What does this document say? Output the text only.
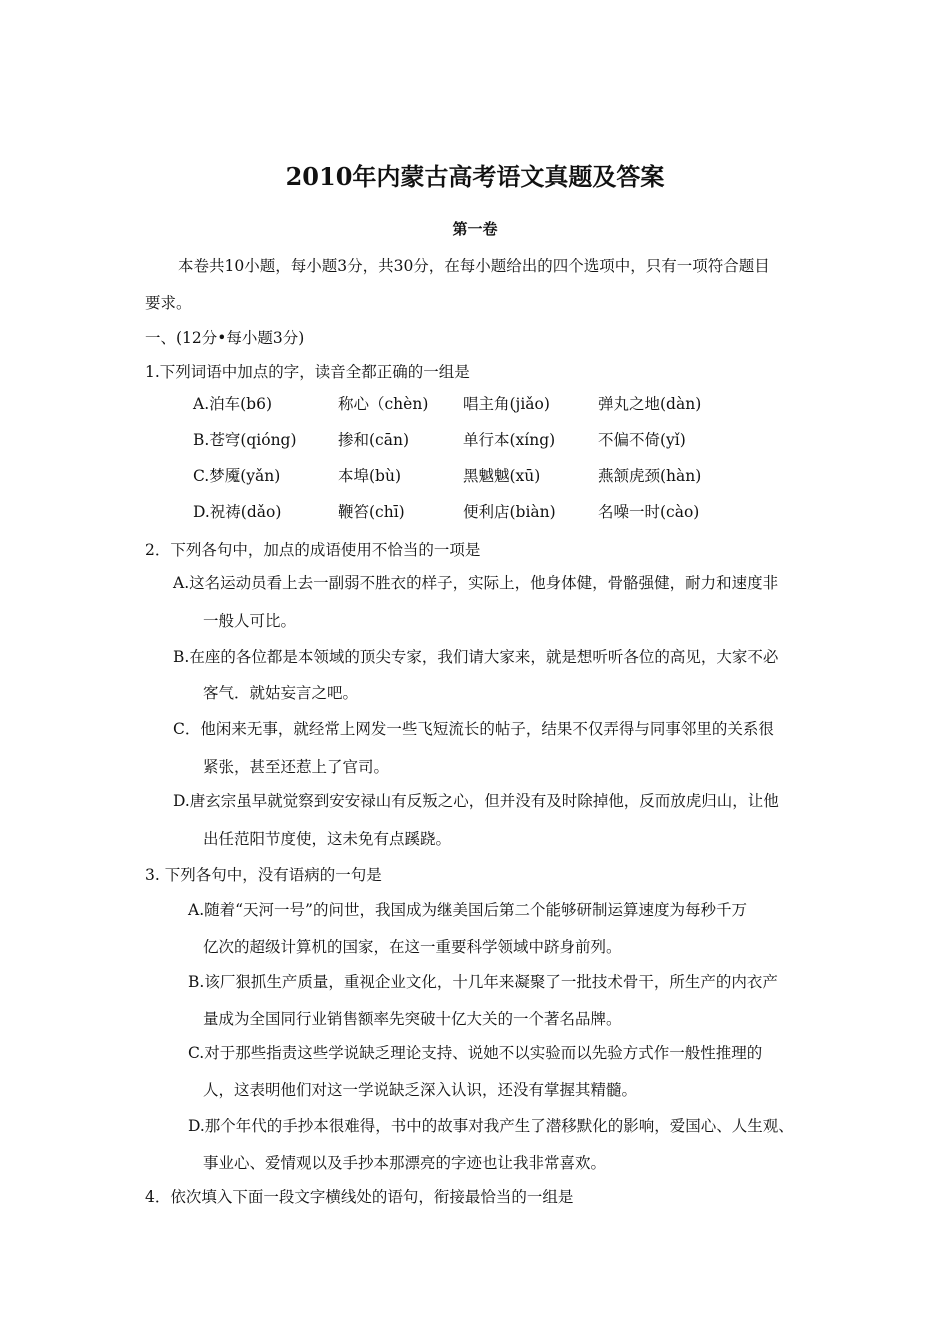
2010年内蒙古高考语文真题及答案
第一卷
本卷共10小题，每小题3分，共30分，在每小题给出的四个选项中，只有一项符合题目
要求。
一、(12分•每小题3分)
1.下列词语中加点的字，读音全都正确的一组是
A.泊车(b6)	称心（chèn) 唱主角(jiǎo)	弹丸之地(dàn)
B.苍穹(qióng)	掺和(cān)	单行本(xíng)	不偏不倚(yǐ)
C.梦魇(yǎn)	本埠(bù)	黑魆魆(xū)	燕颔虎颈(hàn)
D.祝祷(dǎo)	鞭笞(chī)	便利店(biàn)	名噪一时(cào)
2．下列各句中，加点的成语使用不恰当的一项是
A.这名运动员看上去一副弱不胜衣的样子，实际上，他身体健，骨骼强健，耐力和速度非
一般人可比。
B.在座的各位都是本领域的顶尖专家，我们请大家来，就是想听听各位的高见，大家不必
客气．就姑妄言之吧。
C．他闲来无事，就经常上网发一些飞短流长的帖子，结果不仅弄得与同事邻里的关系很
紧张，甚至还惹上了官司。
D.唐玄宗虽早就觉察到安安禄山有反叛之心，但并没有及时除掉他，反而放虎归山，让他
出任范阳节度使，这未免有点蹊跷。
3. 下列各句中，没有语病的一句是
A.随着“天河一号”的问世，我国成为继美国后第二个能够研制运算速度为每秒千万
亿次的超级计算机的国家，在这一重要科学领域中跻身前列。
B.该厂狠抓生产质量，重视企业文化，十几年来凝聚了一批技术骨干，所生产的内衣产
量成为全国同行业销售额率先突破十亿大关的一个著名品牌。
C.对于那些指责这些学说缺乏理论支持、说她不以实验而以先验方式作一般性推理的
人，这表明他们对这一学说缺乏深入认识，还没有掌握其精髓。
D.那个年代的手抄本很难得，书中的故事对我产生了潜移默化的影响，爱国心、人生观、
事业心、爱情观以及手抄本那漂亮的字迹也让我非常喜欢。
4．依次填入下面一段文字横线处的语句，衔接最恰当的一组是
